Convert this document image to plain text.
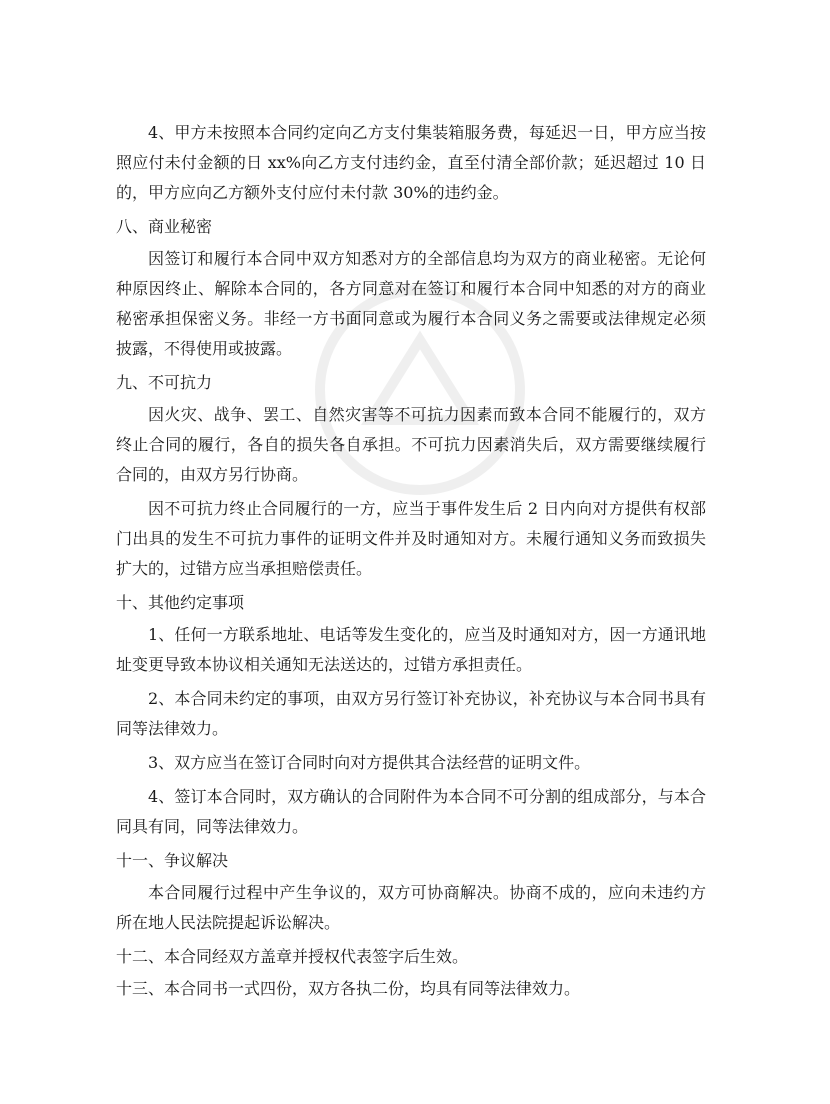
4、甲方未按照本合同约定向乙方支付集装箱服务费，每延迟一日，甲方应当按照应付未付金额的日 xx%向乙方支付违约金，直至付清全部价款；延迟超过 10 日的，甲方应向乙方额外支付应付未付款 30%的违约金。

八、商业秘密

因签订和履行本合同中双方知悉对方的全部信息均为双方的商业秘密。无论何种原因终止、解除本合同的，各方同意对在签订和履行本合同中知悉的对方的商业秘密承担保密义务。非经一方书面同意或为履行本合同义务之需要或法律规定必须披露，不得使用或披露。

九、不可抗力

因火灾、战争、罢工、自然灾害等不可抗力因素而致本合同不能履行的，双方终止合同的履行，各自的损失各自承担。不可抗力因素消失后，双方需要继续履行合同的，由双方另行协商。

因不可抗力终止合同履行的一方，应当于事件发生后 2 日内向对方提供有权部门出具的发生不可抗力事件的证明文件并及时通知对方。未履行通知义务而致损失扩大的，过错方应当承担赔偿责任。

十、其他约定事项

1、任何一方联系地址、电话等发生变化的，应当及时通知对方，因一方通讯地址变更导致本协议相关通知无法送达的，过错方承担责任。

2、本合同未约定的事项，由双方另行签订补充协议，补充协议与本合同书具有同等法律效力。

3、双方应当在签订合同时向对方提供其合法经营的证明文件。

4、签订本合同时，双方确认的合同附件为本合同不可分割的组成部分，与本合同具有同，同等法律效力。

十一、争议解决

本合同履行过程中产生争议的，双方可协商解决。协商不成的，应向未违约方所在地人民法院提起诉讼解决。

十二、本合同经双方盖章并授权代表签字后生效。

十三、本合同书一式四份，双方各执二份，均具有同等法律效力。
